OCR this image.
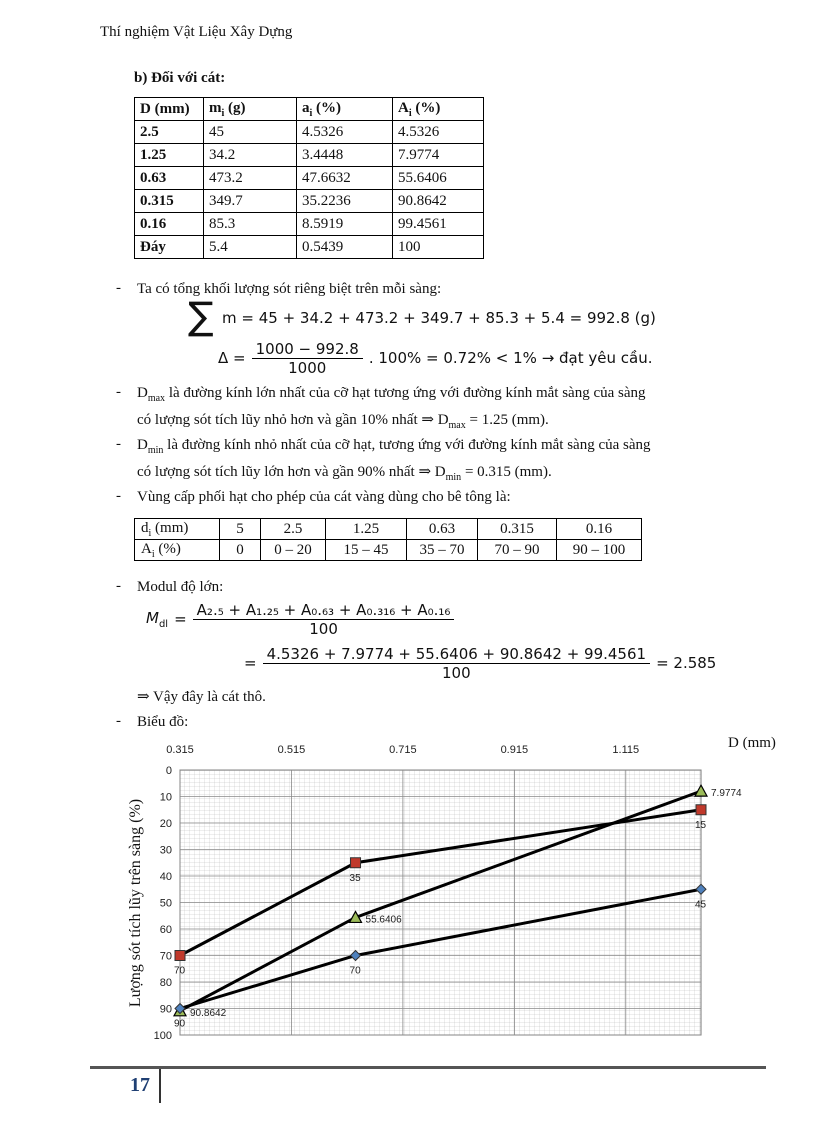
Thí nghiệm Vật Liệu Xây Dựng
b) Đối với cát:
D (mm)	$m_i$ (g)	$a_i$ (%)	$A_i$ (%)
2.5	45	4.5326	4.5326
1.25	34.2	3.4448	7.9774
0.63	473.2	47.6632	55.6406
0.315	349.7	35.2236	90.8642
0.16	85.3	8.5919	99.4561
Đáy	5.4	0.5439	100
- Ta có tổng khối lượng sót riêng biệt trên mỗi sàng:
∑ m = 45 + 34.2 + 473.2 + 349.7 + 85.3 + 5.4 = 992.8 (g)
$\Delta = \frac{1000 - 992.8}{1000}$ . 100% = 0.72% < 1% → đạt yêu cầu.
- $D_{max}$ là đường kính lớn nhất của cỡ hạt tương ứng với đường kính mắt sàng của sàng
có lượng sót tích lũy nhỏ hơn và gần 10% nhất ⇒ $D_{max} = 1.25$ (mm).
- $D_{min}$ là đường kính nhỏ nhất của cỡ hạt, tương ứng với đường kính mắt sàng của sàng
có lượng sót tích lũy lớn hơn và gần 90% nhất ⇒ $D_{min} = 0.315$ (mm).
- Vùng cấp phối hạt cho phép của cát vàng dùng cho bê tông là:
$d_i$ (mm)	5	2.5	1.25	0.63	0.315	0.16
$A_i$ (%)	0	0 – 20	15 – 45	35 – 70	70 – 90	90 – 100
- Modul độ lớn:
$M_{dl} = \frac{\text{A₂.₅ + A₁.₂₅ + A₀.₆₃ + A₀.₃₁₆ + A₀.₁₆}}{100}$
= $\frac{4.5326 + 7.9774 + 55.6406 + 90.8642 + 99.4561}{100} = 2.585$
⇒ Vậy đây là cát thô.
- Biểu đồ:
0.315	0.515	0.715	0.915	1.115
0
10
20
30
40
50
60
70
80
90
100
70
35
15
90.8642
55.6406
7.9774
90
70
45
D (mm)
Lượng sót tích lũy trên sàng (%)
17
